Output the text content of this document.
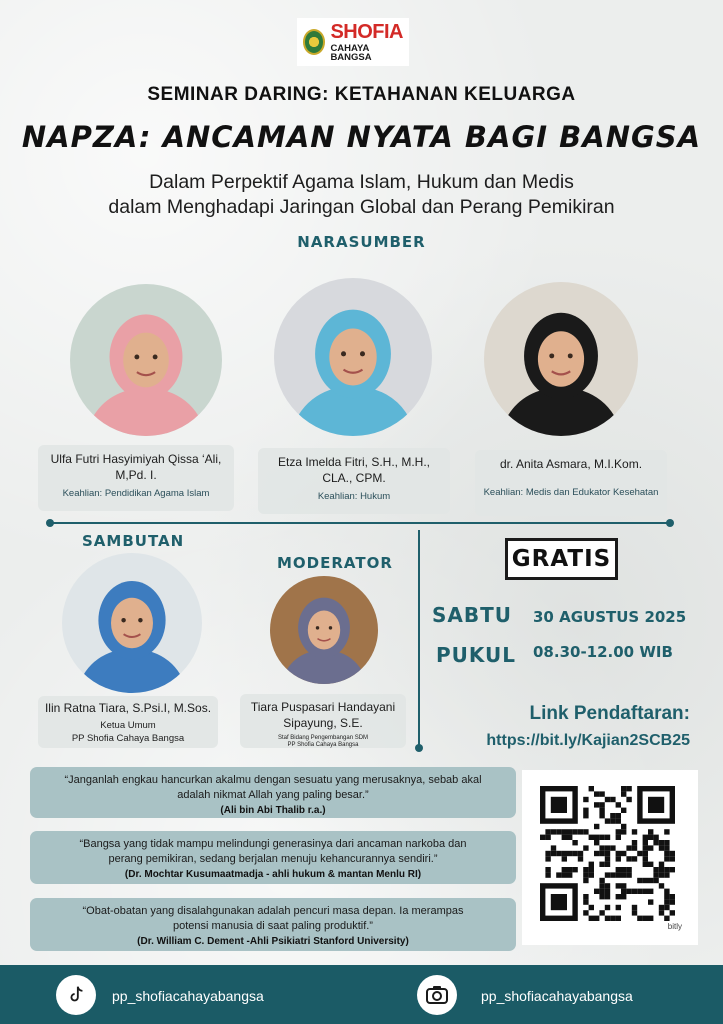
SHOFIA
CAHAYA BANGSA
SEMINAR DARING: KETAHANAN KELUARGA
NAPZA: ANCAMAN NYATA BAGI BANGSA
Dalam Perpektif Agama Islam, Hukum dan Medis
dalam Menghadapi Jaringan Global dan Perang Pemikiran
NARASUMBER
Ulfa Futri Hasyimiyah Qissa ‘Ali, M,Pd. I.
Keahlian: Pendidikan Agama Islam
Etza Imelda Fitri, S.H., M.H., CLA., CPM.
Keahlian: Hukum
dr. Anita Asmara, M.I.Kom.
Keahlian: Medis dan Edukator Kesehatan
SAMBUTAN
Ilin Ratna Tiara, S.Psi.I, M.Sos.
Ketua Umum
PP Shofia Cahaya Bangsa
MODERATOR
Tiara Puspasari Handayani Sipayung, S.E.
Staf Bidang Pengembangan SDM
PP Shofia Cahaya Bangsa
GRATIS
SABTU 30 AGUSTUS 2025
PUKUL 08.30-12.00 WIB
Link Pendaftaran:
https://bit.ly/Kajian2SCB25
“Janganlah engkau hancurkan akalmu dengan sesuatu yang merusaknya, sebab akal
adalah nikmat Allah yang paling besar.”
(Ali bin Abi Thalib r.a.)
“Bangsa yang tidak mampu melindungi generasinya dari ancaman narkoba dan
perang pemikiran, sedang berjalan menuju kehancurannya sendiri.”
(Dr. Mochtar Kusumaatmadja - ahli hukum & mantan Menlu RI)
“Obat-obatan yang disalahgunakan adalah pencuri masa depan. Ia merampas
potensi manusia di saat paling produktif.”
(Dr. William C. Dement -Ahli Psikiatri Stanford University)
bitly
pp_shofiacahayabangsa	pp_shofiacahayabangsa
